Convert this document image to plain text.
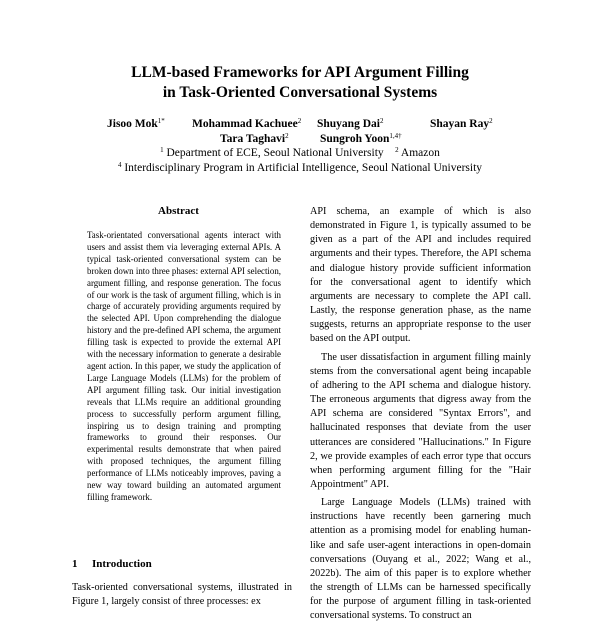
LLM-based Frameworks for API Argument Filling
in Task-Oriented Conversational Systems
Jisoo Mok$^{1*}$ Mohammad Kachuee$^2$ Shuyang Dai$^2$	Shayan Ray$^2$
Tara Taghavi$^2$	Sungroh Yoon$^{1,4\dagger}$
$^1$ Department of ECE, Seoul National University $^2$ Amazon
$^4$ Interdisciplinary Program in Artificial Intelligence, Seoul National University
Abstract
Task-orientated conversational agents interact with users and assist them via leveraging external APIs. A typical task-oriented conversational system can be broken down into three phases: external API selection, argument filling, and response generation. The focus of our work is the task of argument filling, which is in charge of accurately providing arguments required by the selected API. Upon comprehending the dialogue history and the pre-defined API schema, the argument filling task is expected to provide the external API with the necessary information to generate a desirable agent action. In this paper, we study the application of Large Language Models (LLMs) for the problem of API argument filling task. Our initial investigation reveals that LLMs require an additional grounding process to successfully perform argument filling, inspiring us to design training and prompting frameworks to ground their responses. Our experimental results demonstrate that when paired with proposed techniques, the argument filling performance of LLMs noticeably improves, paving a new way toward building an automated argument filling framework.
1 Introduction
Task-oriented conversational systems, illustrated in Figure 1, largely consist of three processes: ex

API schema, an example of which is also demonstrated in Figure 1, is typically assumed to be given as a part of the API and includes required arguments and their types. Therefore, the API schema and dialogue history provide sufficient information for the conversational agent to identify which arguments are necessary to complete the API call. Lastly, the response generation phase, as the name suggests, returns an appropriate response to the user based on the API output.

The user dissatisfaction in argument filling mainly stems from the conversational agent being incapable of adhering to the API schema and dialogue history. The erroneous arguments that digress away from the API schema are considered "Syntax Errors", and hallucinated responses that deviate from the user utterances are considered "Hallucinations." In Figure 2, we provide examples of each error type that occurs when performing argument filling for the "Hair Appointment" API.

Large Language Models (LLMs) trained with instructions have recently been garnering much attention as a promising model for enabling human-like and safe user-agent interactions in open-domain conversations (Ouyang et al., 2022; Wang et al., 2022b). The aim of this paper is to explore whether the strength of LLMs can be harnessed specifically for the purpose of argument filling in task-oriented conversational systems. To construct an
